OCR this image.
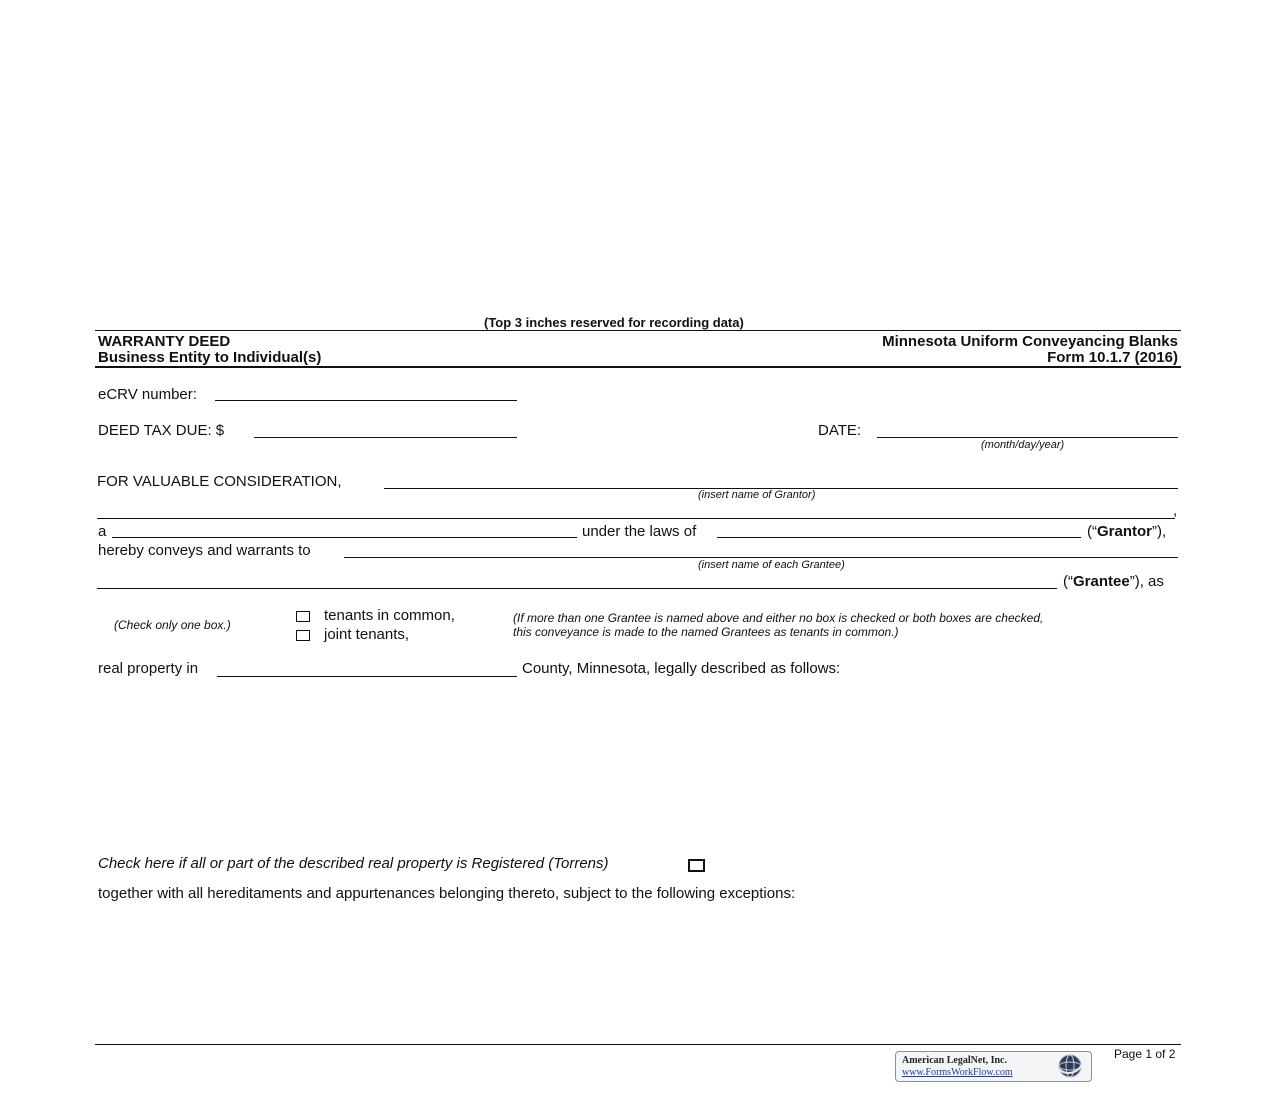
(Top 3 inches reserved for recording data)
WARRANTY DEED
Business Entity to Individual(s)
Minnesota Uniform Conveyancing Blanks
Form 10.1.7 (2016)
eCRV number:
DEED TAX DUE: $	DATE:
(month/day/year)
FOR VALUABLE CONSIDERATION,
(insert name of Grantor)
,
a	under the laws of	(“Grantor”),
hereby conveys and warrants to
(insert name of each Grantee)
(“Grantee”), as
(Check only one box.)
tenants in common,
joint tenants,
(If more than one Grantee is named above and either no box is checked or both boxes are checked,
this conveyance is made to the named Grantees as tenants in common.)
real property in	County, Minnesota, legally described as follows:
Check here if all or part of the described real property is Registered (Torrens)
together with all hereditaments and appurtenances belonging thereto, subject to the following exceptions:
Page 1 of 2
American LegalNet, Inc.
www.FormsWorkFlow.com
